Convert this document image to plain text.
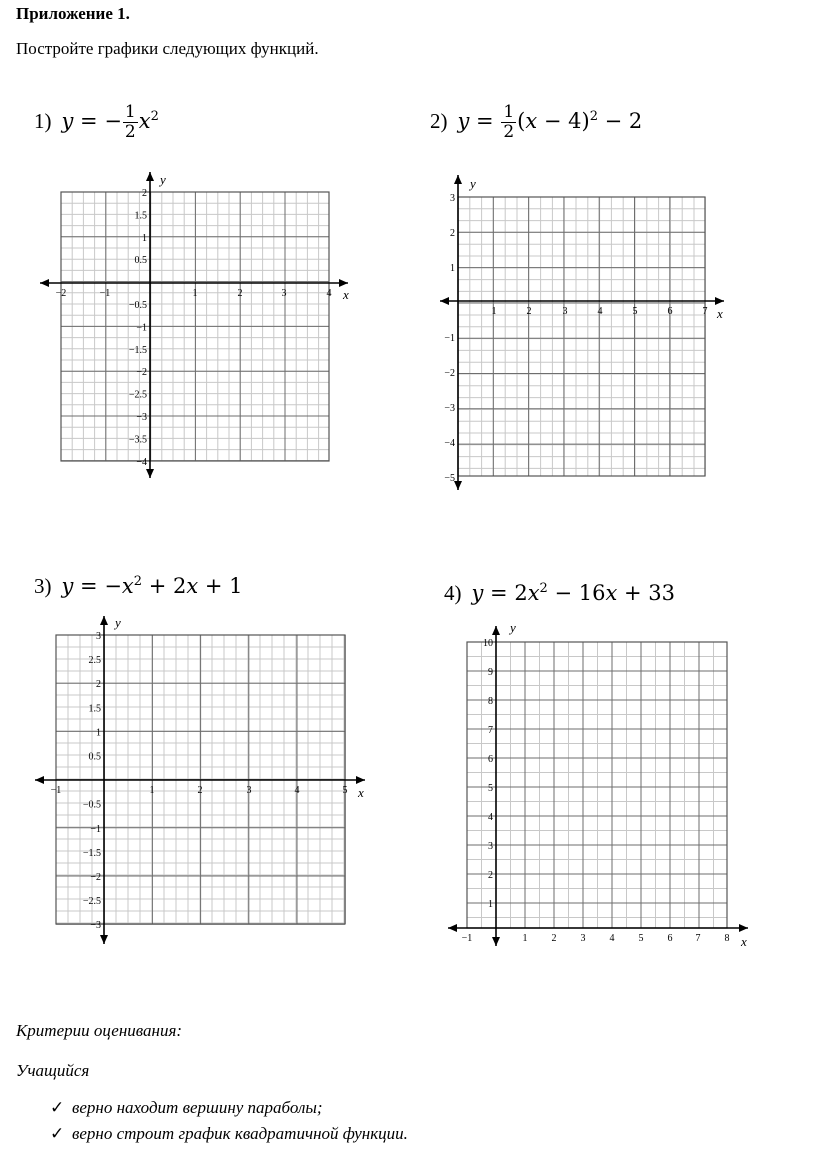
Приложение 1.
Постройте графики следующих функций.
1) y = − $\frac{1}{2} x^2$	2) $y = \frac{1}{2} (x - 4)^2 - 2$
3) $y = -x^2 + 2x + 1$	4) $y = 2x^2 - 16x + 33$
x
y
−2	−1	1	2	3	4
2
1.5
1
0.5
−0.5
−1
−1.5
−2
−2.5
−3
−3.5
−4
x
y
1	2	3	4	5	6	7
3
2
1
−1
−2
−3
−4
−5
x
y
−1	1	2	3	4	5
3
2.5
2
1.5
1
0.5
−0.5
−1
−1.5
−2
−2.5
−3
x
y
−1	1 2 3 4 5 6 7 8
10
9
8
7
6
5
4
3
2
1
Критерии оценивания:
Учащийся
✓ верно находит вершину параболы;
✓ верно строит график квадратичной функции.
